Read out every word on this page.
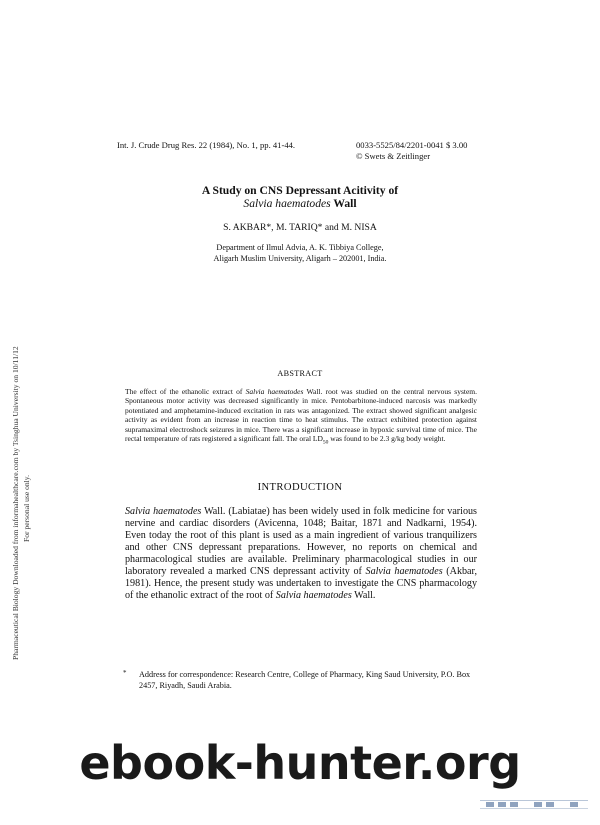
Pharmaceutical Biology Downloaded from informahealthcare.com by Tsinghua University on 10/11/12 For personal use only.
Int. J. Crude Drug Res. 22 (1984), No. 1, pp. 41-44.	0033-5525/84/2201-0041 $ 3.00
© Swets & Zeitlinger
A Study on CNS Depressant Acitivity of
Salvia haematodes Wall
S. AKBAR*, M. TARIQ* and M. NISA
Department of Ilmul Advia, A. K. Tibbiya College,
Aligarh Muslim University, Aligarh – 202001, India.
ABSTRACT
The effect of the ethanolic extract of Salvia haematodes Wall. root was studied on the central nervous system. Spontaneous motor activity was decreased significantly in mice. Pentobarbitone-induced narcosis was markedly potentiated and amphetamine-induced excitation in rats was antagonized. The extract showed significant analgesic activity as evident from an increase in reaction time to heat stimulus. The extract exhibited protection against supramaximal electroshock seizures in mice. There was a significant increase in hypoxic survival time of mice. The rectal temperature of rats registered a significant fall. The oral $LD_{50}$ was found to be 2.3 g/kg body weight.
INTRODUCTION
Salvia haematodes Wall. (Labiatae) has been widely used in folk medicine for various nervine and cardiac disorders (Avicenna, 1048; Baitar, 1871 and Nadkarni, 1954). Even today the root of this plant is used as a main ingredient of various tranquilizers and other CNS depressant preparations. However, no reports on chemical and pharmacological studies are available. Preliminary pharmacological studies in our laboratory revealed a marked CNS depressant activity of Salvia haematodes (Akbar, 1981). Hence, the present study was undertaken to investigate the CNS pharmacology of the ethanolic extract of the root of Salvia haematodes Wall.
* Address for correspondence: Research Centre, College of Pharmacy, King Saud University, P.O. Box 2457, Riyadh, Saudi Arabia.
ebook-hunter.org
